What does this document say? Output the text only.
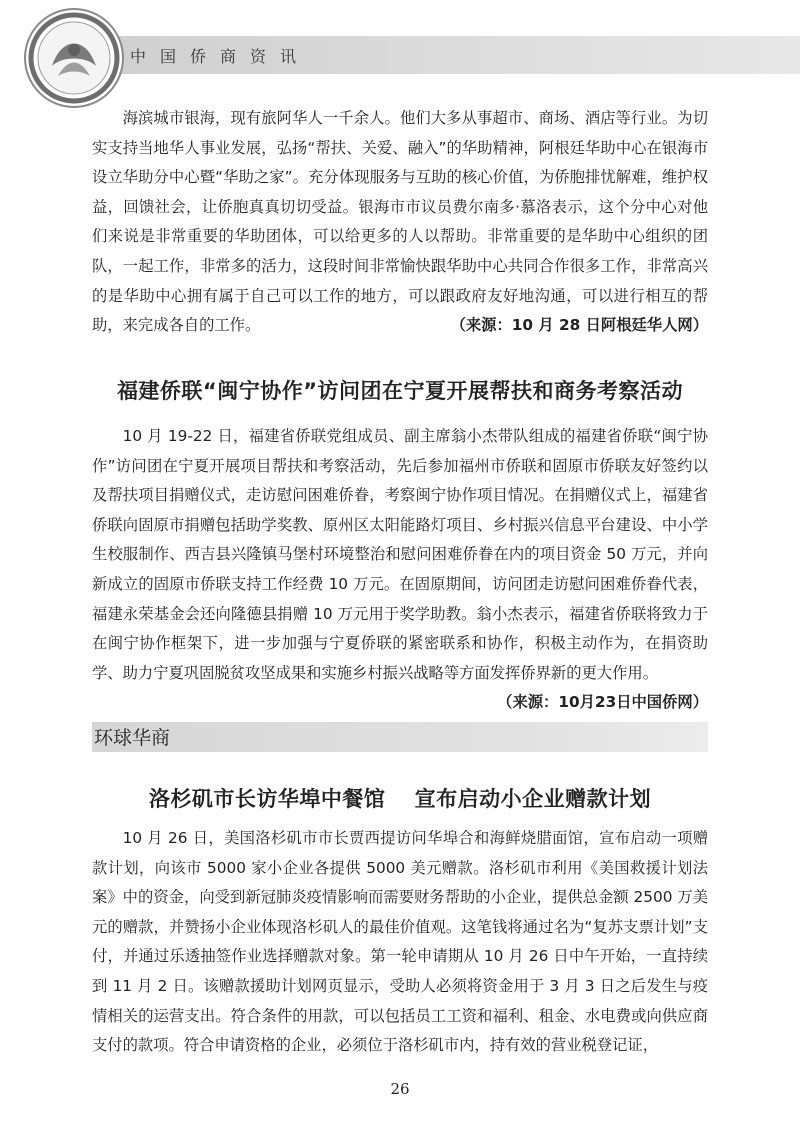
中国侨商资讯
海滨城市银海，现有旅阿华人一千余人。他们大多从事超市、商场、酒店等行业。为切实支持当地华人事业发展，弘扬“帮扶、关爱、融入”的华助精神，阿根廷华助中心在银海市设立华助分中心暨“华助之家”。充分体现服务与互助的核心价值，为侨胞排忧解难，维护权益，回馈社会，让侨胞真真切切受益。银海市市议员费尔南多·慕洛表示，这个分中心对他们来说是非常重要的华助团体，可以给更多的人以帮助。非常重要的是华助中心组织的团队，一起工作，非常多的活力，这段时间非常愉快跟华助中心共同合作很多工作，非常高兴的是华助中心拥有属于自己可以工作的地方，可以跟政府友好地沟通，可以进行相互的帮助，来完成各自的工作。	（来源：10 月 28 日阿根廷华人网）
福建侨联“闽宁协作”访问团在宁夏开展帮扶和商务考察活动
10 月 19-22 日，福建省侨联党组成员、副主席翁小杰带队组成的福建省侨联“闽宁协作”访问团在宁夏开展项目帮扶和考察活动，先后参加福州市侨联和固原市侨联友好签约以及帮扶项目捐赠仪式，走访慰问困难侨眷，考察闽宁协作项目情况。在捐赠仪式上，福建省侨联向固原市捐赠包括助学奖教、原州区太阳能路灯项目、乡村振兴信息平台建设、中小学生校服制作、西吉县兴隆镇马堡村环境整治和慰问困难侨眷在内的项目资金 50 万元，并向新成立的固原市侨联支持工作经费 10 万元。在固原期间，访问团走访慰问困难侨眷代表，福建永荣基金会还向隆德县捐赠 10 万元用于奖学助教。翁小杰表示，福建省侨联将致力于在闽宁协作框架下，进一步加强与宁夏侨联的紧密联系和协作，积极主动作为，在捐资助学、助力宁夏巩固脱贫攻坚成果和实施乡村振兴战略等方面发挥侨界新的更大作用。
（来源：10月23日中国侨网）
环球华商
洛杉矶市长访华埠中餐馆　 宣布启动小企业赠款计划
10 月 26 日，美国洛杉矶市市长贾西提访问华埠合和海鲜烧腊面馆，宣布启动一项赠款计划，向该市 5000 家小企业各提供 5000 美元赠款。洛杉矶市利用《美国救援计划法案》中的资金，向受到新冠肺炎疫情影响而需要财务帮助的小企业，提供总金额 2500 万美元的赠款，并赞扬小企业体现洛杉矶人的最佳价值观。这笔钱将通过名为“复苏支票计划”支付，并通过乐透抽签作业选择赠款对象。第一轮申请期从 10 月 26 日中午开始，一直持续到 11 月 2 日。该赠款援助计划网页显示，受助人必须将资金用于 3 月 3 日之后发生与疫情相关的运营支出。符合条件的用款，可以包括员工工资和福利、租金、水电费或向供应商支付的款项。符合申请资格的企业，必须位于洛杉矶市内，持有效的营业税登记证，
26
